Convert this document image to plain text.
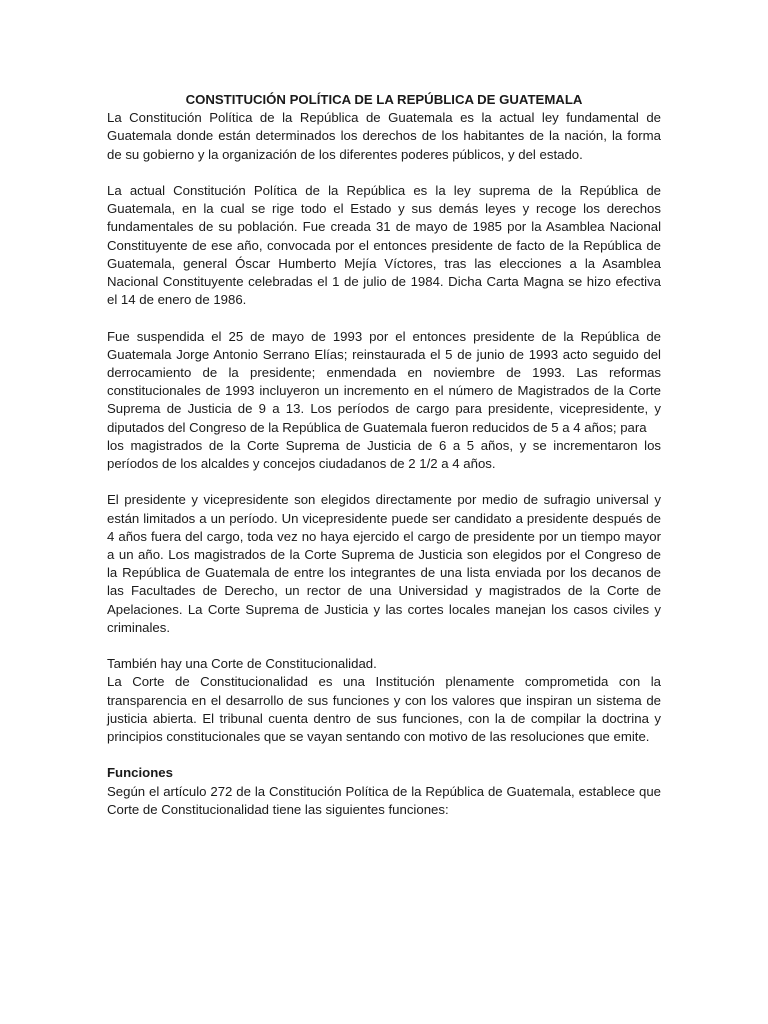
CONSTITUCIÓN POLÍTICA DE LA REPÚBLICA DE GUATEMALA

La Constitución Política de la República de Guatemala es la actual ley fundamental de Guatemala donde están determinados los derechos de los habitantes de la nación, la forma de su gobierno y la organización de los diferentes poderes públicos, y del estado.

La actual Constitución Política de la República es la ley suprema de la República de Guatemala, en la cual se rige todo el Estado y sus demás leyes y recoge los derechos fundamentales de su población. Fue creada 31 de mayo de 1985 por la Asamblea Nacional Constituyente de ese año, convocada por el entonces presidente de facto de la República de Guatemala, general Óscar Humberto Mejía Víctores, tras las elecciones a la Asamblea Nacional Constituyente celebradas el 1 de julio de 1984. Dicha Carta Magna se hizo efectiva el 14 de enero de 1986.

Fue suspendida el 25 de mayo de 1993 por el entonces presidente de la República de Guatemala Jorge Antonio Serrano Elías; reinstaurada el 5 de junio de 1993 acto seguido del derrocamiento de la presidente; enmendada en noviembre de 1993. Las reformas constitucionales de 1993 incluyeron un incremento en el número de Magistrados de la Corte Suprema de Justicia de 9 a 13. Los períodos de cargo para presidente, vicepresidente, y diputados del Congreso de la República de Guatemala fueron reducidos de 5 a 4 años; para

los magistrados de la Corte Suprema de Justicia de 6 a 5 años, y se incrementaron los períodos de los alcaldes y concejos ciudadanos de 2 1/2 a 4 años.

El presidente y vicepresidente son elegidos directamente por medio de sufragio universal y están limitados a un período. Un vicepresidente puede ser candidato a presidente después de 4 años fuera del cargo, toda vez no haya ejercido el cargo de presidente por un tiempo mayor a un año. Los magistrados de la Corte Suprema de Justicia son elegidos por el Congreso de la República de Guatemala de entre los integrantes de una lista enviada por los decanos de las Facultades de Derecho, un rector de una Universidad y magistrados de la Corte de Apelaciones. La Corte Suprema de Justicia y las cortes locales manejan los casos civiles y criminales.

También hay una Corte de Constitucionalidad.

La Corte de Constitucionalidad es una Institución plenamente comprometida con la transparencia en el desarrollo de sus funciones y con los valores que inspiran un sistema de justicia abierta. El tribunal cuenta dentro de sus funciones, con la de compilar la doctrina y principios constitucionales que se vayan sentando con motivo de las resoluciones que emite.

Funciones

Según el artículo 272 de la Constitución Política de la República de Guatemala, establece que Corte de Constitucionalidad tiene las siguientes funciones:
